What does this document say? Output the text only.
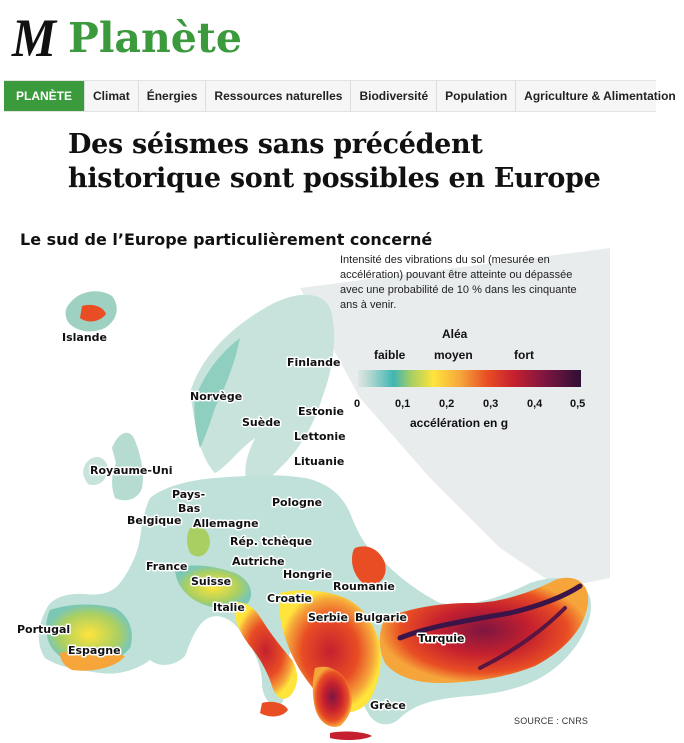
M Planète
PLANÈTE	Climat	Énergies	Ressources naturelles	Biodiversité	Population	Agriculture & Alimentation
Des séismes sans précédent
historique sont possibles en Europe
Le sud de l’Europe particulièrement concerné
Islande
Norvège
Suède
Finlande
Estonie
Lettonie
Lituanie
Royaume-Uni
Pays-
Bas
Belgique Allemagne
Pologne
Rép. tchèque
France	Autriche
Suisse
Hongrie
Roumanie
Italie
Croatie
Serbie Bulgarie
Portugal
Espagne
Turquie
Grèce
Intensité des vibrations du sol (mesurée en accélération) pouvant être atteinte ou dépassée avec une probabilité de 10 % dans les cinquante ans à venir.
Aléa
faible moyen	fort
0	0,1	0,2	0,3	0,4	0,5
accélération en g
SOURCE : CNRS
